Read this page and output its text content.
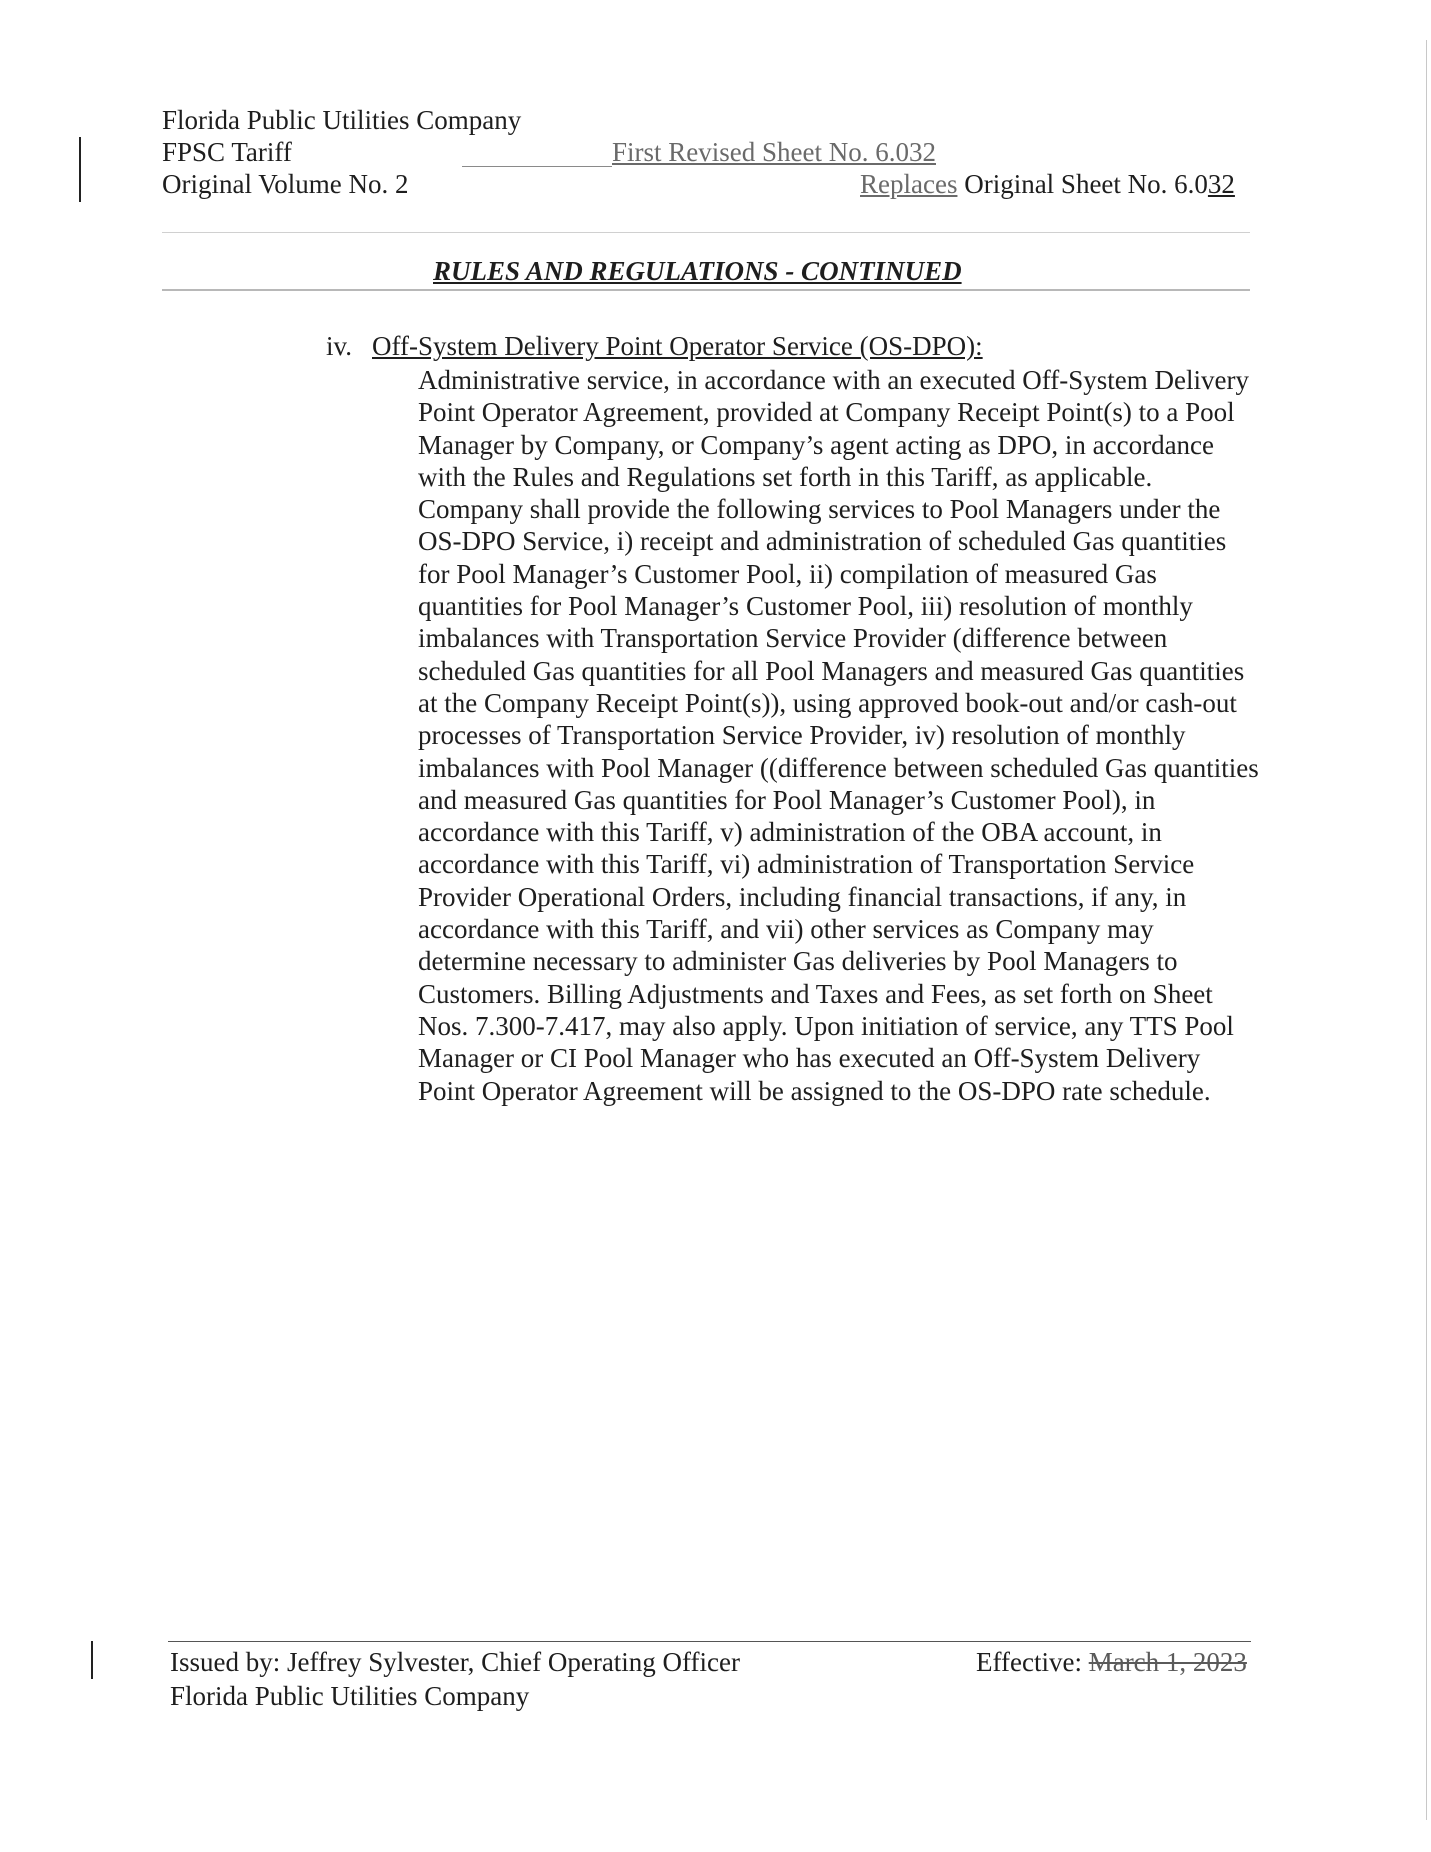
Florida Public Utilities Company
FPSC Tariff
Original Volume No. 2
First Revised Sheet No. 6.032
Replaces Original Sheet No. 6.032
RULES AND REGULATIONS - CONTINUED
iv. Off-System Delivery Point Operator Service (OS-DPO):
Administrative service, in accordance with an executed Off-System Delivery Point Operator Agreement, provided at Company Receipt Point(s) to a Pool Manager by Company, or Company’s agent acting as DPO, in accordance with the Rules and Regulations set forth in this Tariff, as applicable. Company shall provide the following services to Pool Managers under the OS-DPO Service, i) receipt and administration of scheduled Gas quantities for Pool Manager’s Customer Pool, ii) compilation of measured Gas quantities for Pool Manager’s Customer Pool, iii) resolution of monthly imbalances with Transportation Service Provider (difference between scheduled Gas quantities for all Pool Managers and measured Gas quantities at the Company Receipt Point(s)), using approved book-out and/or cash-out processes of Transportation Service Provider, iv) resolution of monthly imbalances with Pool Manager ((difference between scheduled Gas quantities and measured Gas quantities for Pool Manager’s Customer Pool), in accordance with this Tariff, v) administration of the OBA account, in accordance with this Tariff, vi) administration of Transportation Service Provider Operational Orders, including financial transactions, if any, in accordance with this Tariff, and vii) other services as Company may determine necessary to administer Gas deliveries by Pool Managers to Customers. Billing Adjustments and Taxes and Fees, as set forth on Sheet Nos. 7.300-7.417, may also apply. Upon initiation of service, any TTS Pool Manager or CI Pool Manager who has executed an Off-System Delivery Point Operator Agreement will be assigned to the OS-DPO rate schedule.
Issued by: Jeffrey Sylvester, Chief Operating Officer
Florida Public Utilities Company
Effective: March 1, 2023
